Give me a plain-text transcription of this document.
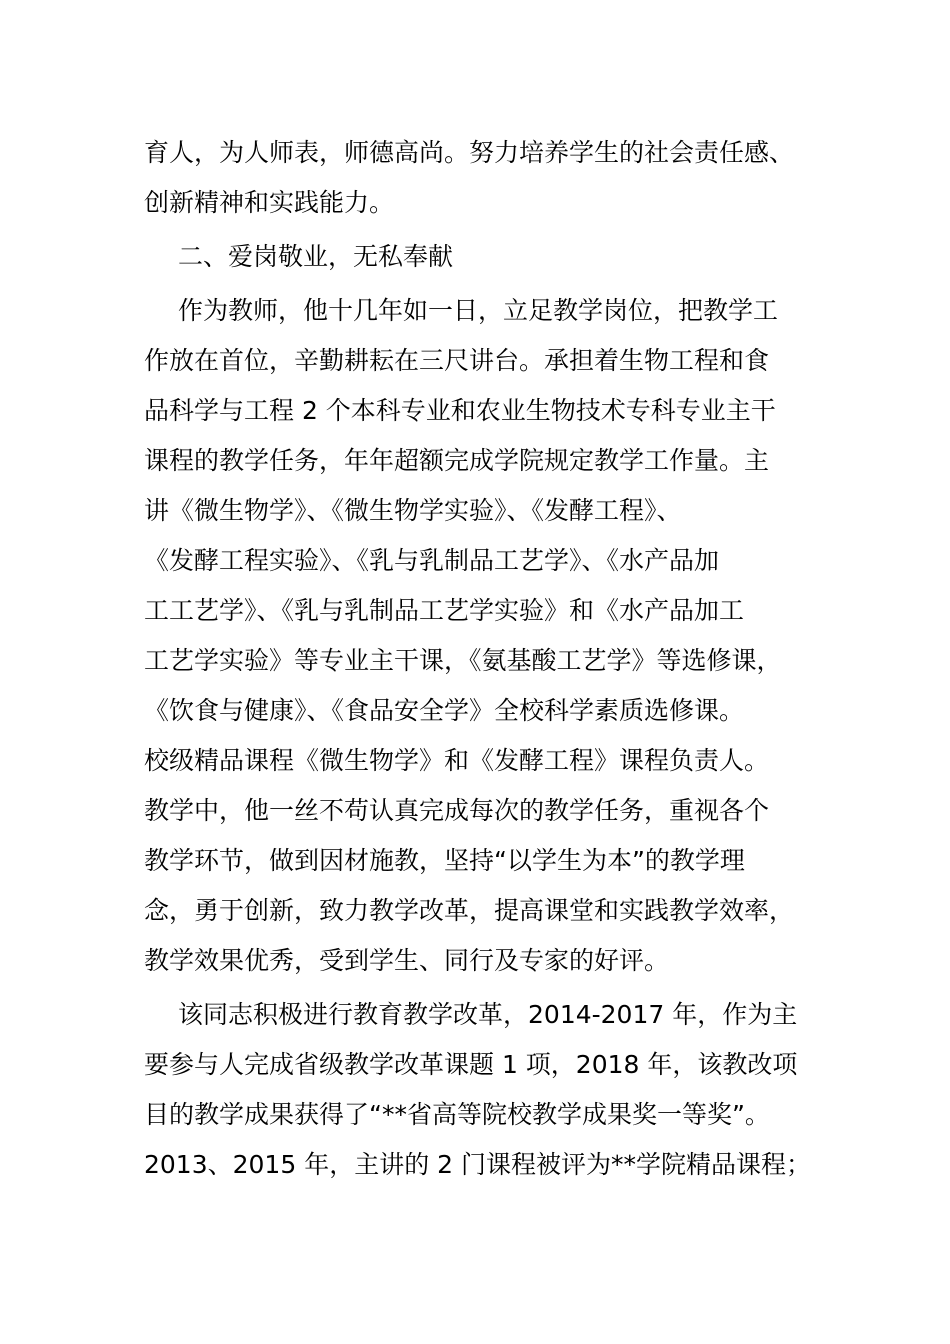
育人，为人师表，师德高尚。努力培养学生的社会责任感、
创新精神和实践能力。
二、爱岗敬业，无私奉献
作为教师，他十几年如一日，立足教学岗位，把教学工
作放在首位，辛勤耕耘在三尺讲台。承担着生物工程和食
品科学与工程 2 个本科专业和农业生物技术专科专业主干
课程的教学任务，年年超额完成学院规定教学工作量。主
讲《微生物学》、《微生物学实验》、《发酵工程》、
《发酵工程实验》、《乳与乳制品工艺学》、《水产品加
工工艺学》、《乳与乳制品工艺学实验》和《水产品加工
工艺学实验》等专业主干课，《氨基酸工艺学》等选修课，
《饮食与健康》、《食品安全学》全校科学素质选修课。
校级精品课程《微生物学》和《发酵工程》课程负责人。
教学中，他一丝不苟认真完成每次的教学任务，重视各个
教学环节，做到因材施教，坚持“以学生为本”的教学理
念，勇于创新，致力教学改革，提高课堂和实践教学效率，
教学效果优秀，受到学生、同行及专家的好评。
该同志积极进行教育教学改革，2014-2017 年，作为主
要参与人完成省级教学改革课题 1 项，2018 年，该教改项
目的教学成果获得了“**省高等院校教学成果奖一等奖”。
2013、2015 年，主讲的 2 门课程被评为**学院精品课程；
